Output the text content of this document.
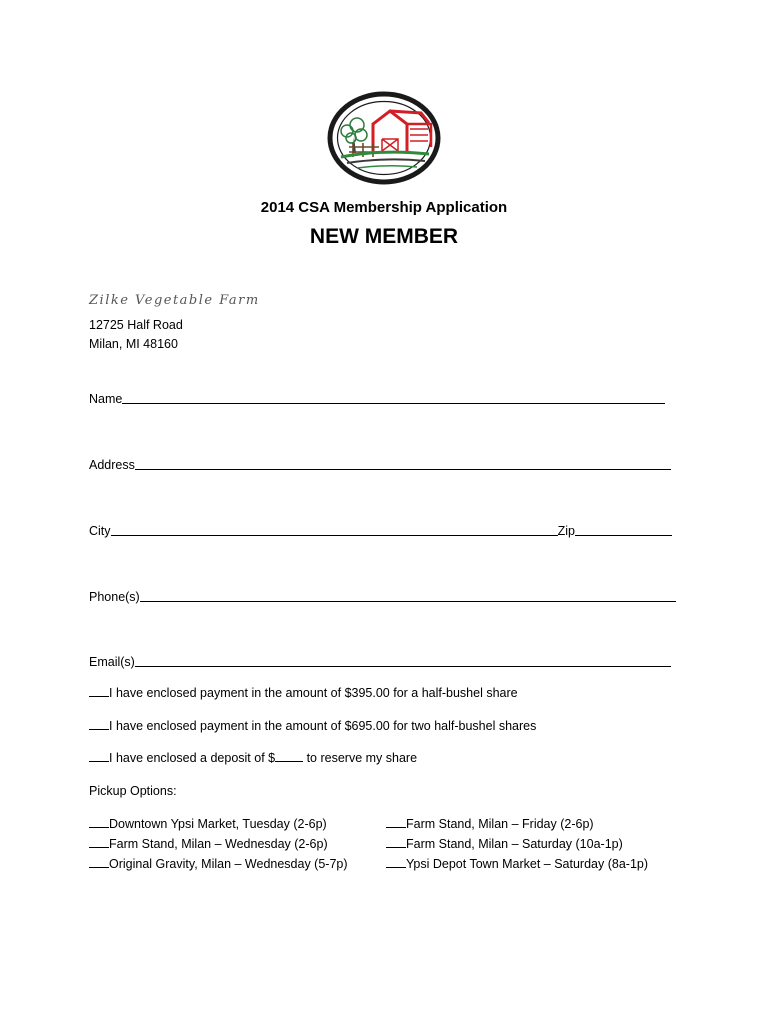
2014 CSA Membership Application
NEW MEMBER
Zilke Vegetable Farm
12725 Half Road
Milan, MI 48160
Name
Address
City	Zip
Phone(s)
Email(s)
I have enclosed payment in the amount of $395.00 for a half-bushel share
I have enclosed payment in the amount of $695.00 for two half-bushel shares
I have enclosed a deposit of $ to reserve my share
Pickup Options:
Downtown Ypsi Market, Tuesday (2-6p)	Farm Stand, Milan – Friday (2-6p)
Farm Stand, Milan – Wednesday (2-6p)	Farm Stand, Milan – Saturday (10a-1p)
Original Gravity, Milan – Wednesday (5-7p)	Ypsi Depot Town Market – Saturday (8a-1p)
